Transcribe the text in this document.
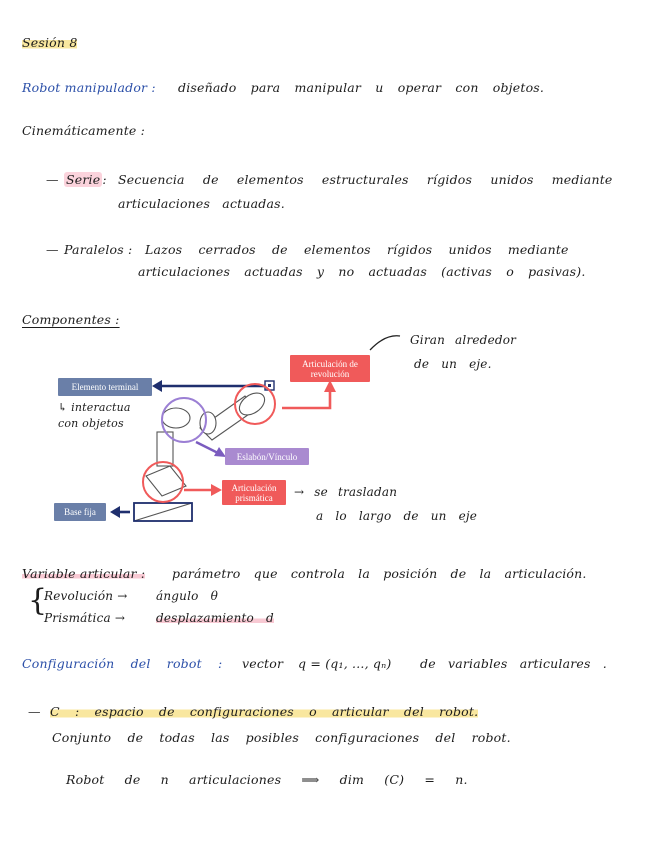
Sesión 8
Robot manipulador : diseñado para manipular u operar con objetos.
Cinemáticamente :
— Serie : Secuencia de elementos estructurales rígidos unidos mediante
articulaciones actuadas.
— Paralelos : Lazos cerrados de elementos rígidos unidos mediante
articulaciones actuadas y no actuadas (activas o pasivas).
Componentes :
Articulación de revolución
Elemento terminal
Eslabón/Vínculo
Articulación prismática
Base fija
Giran alrededor
de un eje.
↳ interactua
con objetos
→ se trasladan
a lo largo de un eje
Variable articular : parámetro que controla la posición de la articulación.
{
Revolución → ángulo θ
Prismática →	desplazamiento d
Configuración del robot : vector q = (q₁, ..., qₙ) de variables articulares .
— C : espacio de configuraciones o articular del robot.
Conjunto de todas las posibles configuraciones del robot.
Robot de n articulaciones ⟹ dim (C) = n.
